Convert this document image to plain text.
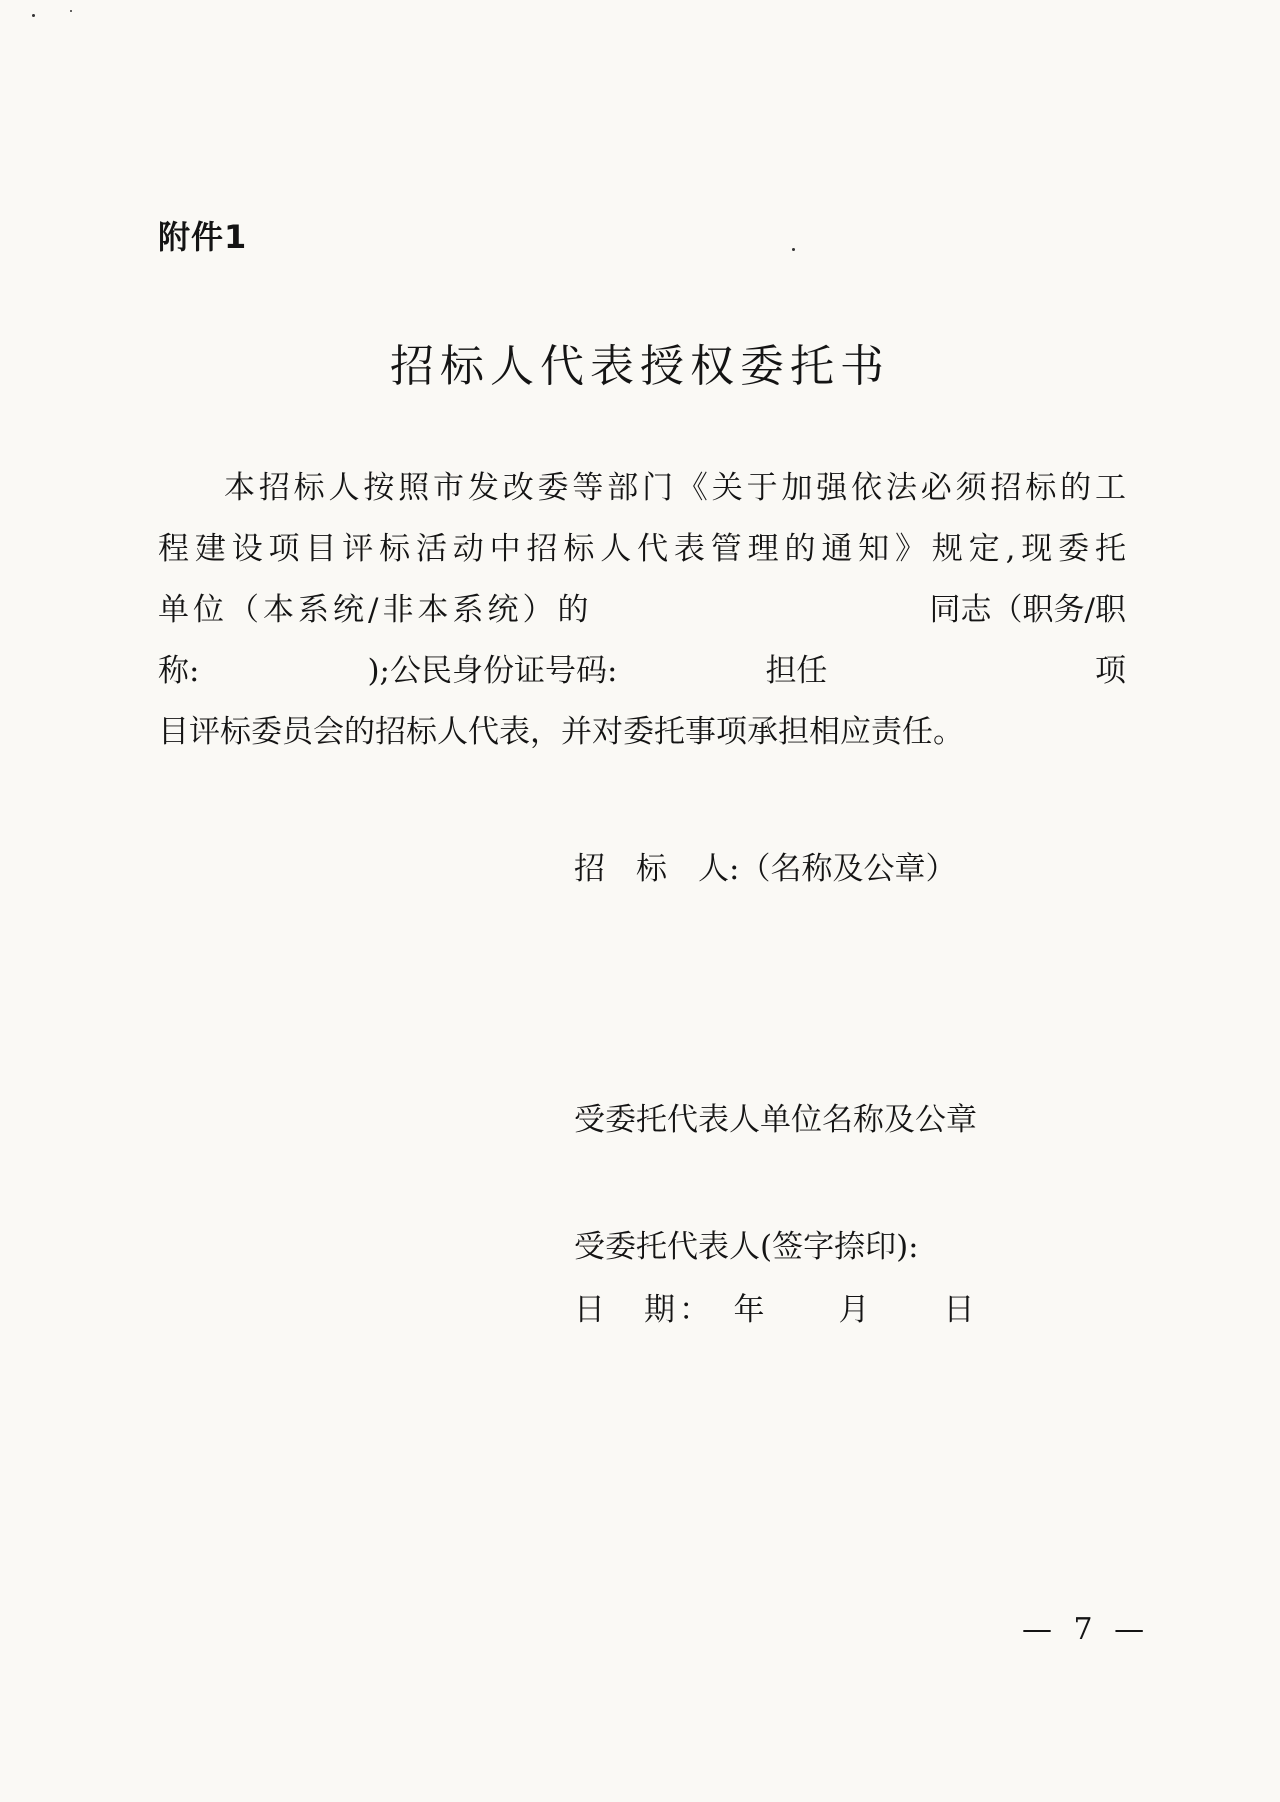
附件1
招标人代表授权委托书
本招标人按照市发改委等部门《关于加强依法必须招标的工
程建设项目评标活动中招标人代表管理的通知》规定,现委托
单位（本系统/非本系统）的	同志（职务/职
称:	);公民身份证号码:	担任	项
目评标委员会的招标人代表，并对委托事项承担相应责任。
招　标　人:（名称及公章）
受委托代表人单位名称及公章
受委托代表人(签字捺印):
日　期：　年　　月　　日
— 7 —
